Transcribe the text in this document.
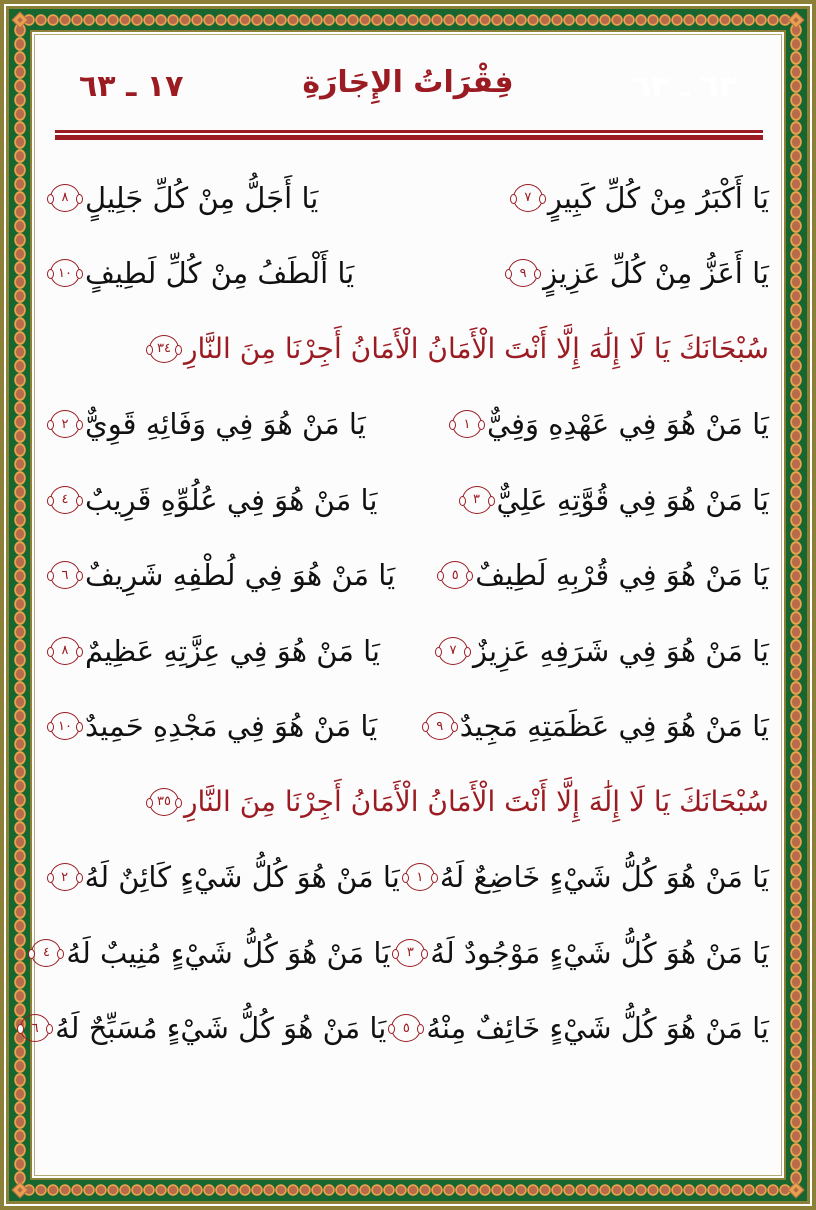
٦٣ ـ ٦٣
فِقْرَاتُ الإِجَارَةِ
١٧ ـ ٦٣
يَا أَكْبَرُ مِنْ كُلِّ كَبِيرٍ
٧
يَا أَجَلُّ مِنْ كُلِّ جَلِيلٍ
٨
يَا أَعَزُّ مِنْ كُلِّ عَزِيزٍ
٩
يَا أَلْطَفُ مِنْ كُلِّ لَطِيفٍ
١٠
سُبْحَانَكَ يَا لَا إِلَٰهَ إِلَّا أَنْتَ الْأَمَانُ الْأَمَانُ أَجِرْنَا مِنَ النَّارِ
٣٤
يَا مَنْ هُوَ فِي عَهْدِهِ وَفِيٌّ
١
يَا مَنْ هُوَ فِي وَفَائِهِ قَوِيٌّ
٢
يَا مَنْ هُوَ فِي قُوَّتِهِ عَلِيٌّ
٣
يَا مَنْ هُوَ فِي عُلُوِّهِ قَرِيبٌ
٤
يَا مَنْ هُوَ فِي قُرْبِهِ لَطِيفٌ
٥
يَا مَنْ هُوَ فِي لُطْفِهِ شَرِيفٌ
٦
يَا مَنْ هُوَ فِي شَرَفِهِ عَزِيزٌ
٧
يَا مَنْ هُوَ فِي عِزَّتِهِ عَظِيمٌ
٨
يَا مَنْ هُوَ فِي عَظَمَتِهِ مَجِيدٌ
٩
يَا مَنْ هُوَ فِي مَجْدِهِ حَمِيدٌ
١٠
سُبْحَانَكَ يَا لَا إِلَٰهَ إِلَّا أَنْتَ الْأَمَانُ الْأَمَانُ أَجِرْنَا مِنَ النَّارِ
٣٥
يَا مَنْ هُوَ كُلُّ شَيْءٍ خَاضِعٌ لَهُ
١
يَا مَنْ هُوَ كُلُّ شَيْءٍ كَائِنٌ لَهُ
٢
يَا مَنْ هُوَ كُلُّ شَيْءٍ مَوْجُودٌ لَهُ
٣
يَا مَنْ هُوَ كُلُّ شَيْءٍ مُنِيبٌ لَهُ
٤
يَا مَنْ هُوَ كُلُّ شَيْءٍ خَائِفٌ مِنْهُ
٥
يَا مَنْ هُوَ كُلُّ شَيْءٍ مُسَبِّحٌ لَهُ
٦
